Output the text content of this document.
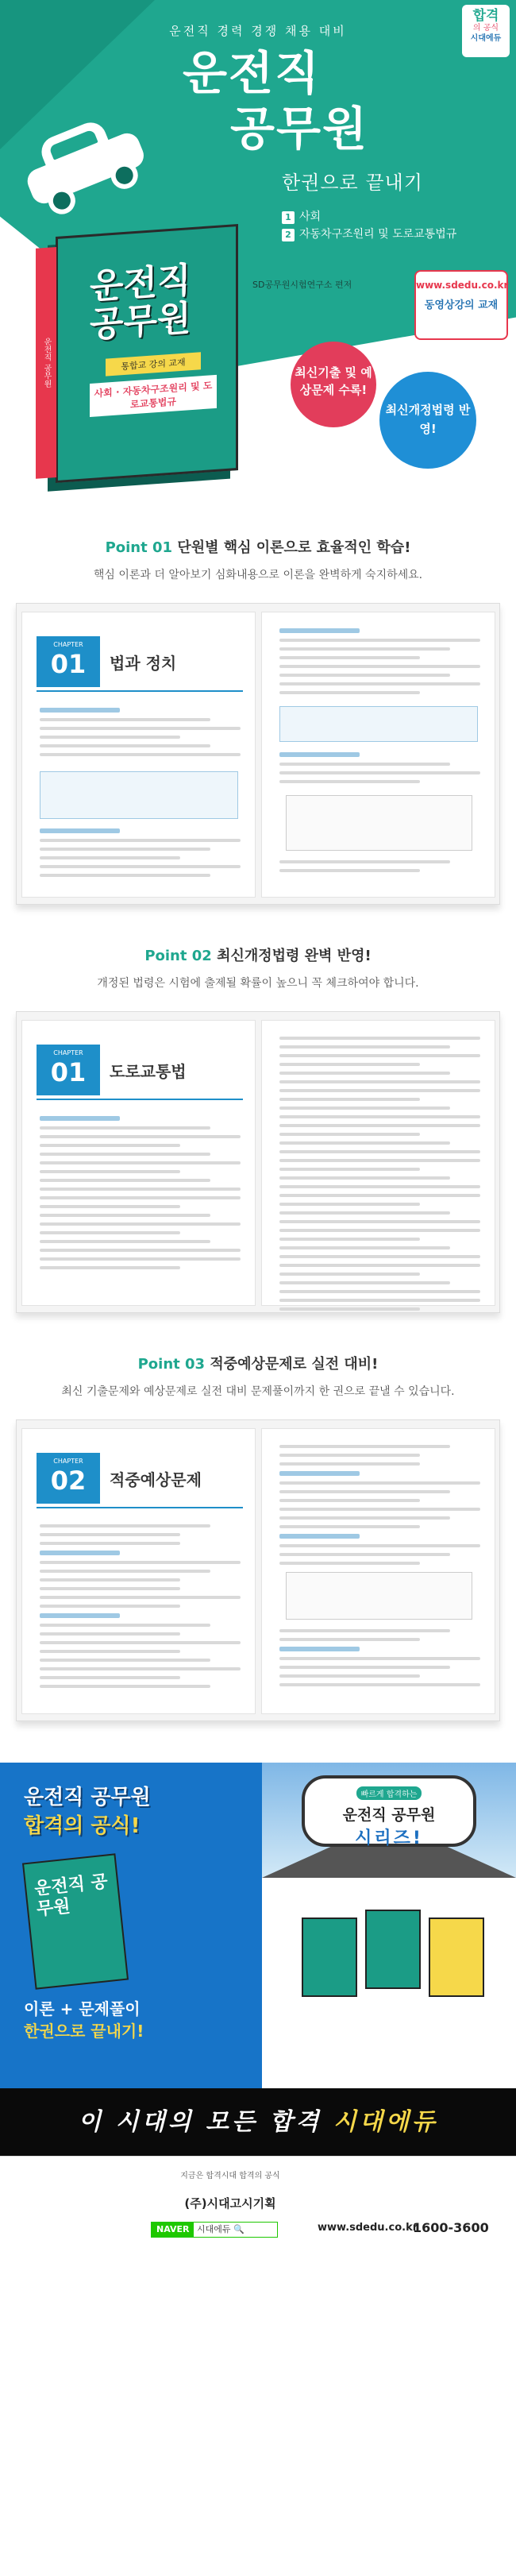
합격
의 공식
시대에듀
운전직 경력 경쟁 채용 대비
운전직
공무원
한권으로 끝내기
1 사회
2 자동차구조원리 및 도로교통법규
운전직 공무원
운전직 공무원
통합교 강의 교재
사회 · 자동차구조원리 및 도로교통법규
SD공무원시험연구소 편저	www.sdedu.co.kr
동영상강의 교재
최신기출 및 예상문제 수록!
최신개정법령 반영!
Point 01 단원별 핵심 이론으로 효율적인 학습!
핵심 이론과 더 알아보기 심화내용으로 이론을 완벽하게 숙지하세요.
CHAPTER
01	법과 정치
Point 02 최신개정법령 완벽 반영!
개정된 법령은 시험에 출제될 확률이 높으니 꼭 체크하여야 합니다.
CHAPTER
01	도로교통법
Point 03 적중예상문제로 실전 대비!
최신 기출문제와 예상문제로 실전 대비 문제풀이까지 한 권으로 끝낼 수 있습니다.
CHAPTER
02	적중예상문제
운전직 공무원
합격의 공식!
운전직 공무원
이론 + 문제풀이
한권으로 끝내기!
빠르게 합격하는
운전직 공무원
시리즈!
이 시대의 모든 합격 시대에듀
지금은 합격시대 합격의 공식
(주)시대고시기획
NAVER 시대에듀 🔍	www.sdedu.co.kr
1600-3600
